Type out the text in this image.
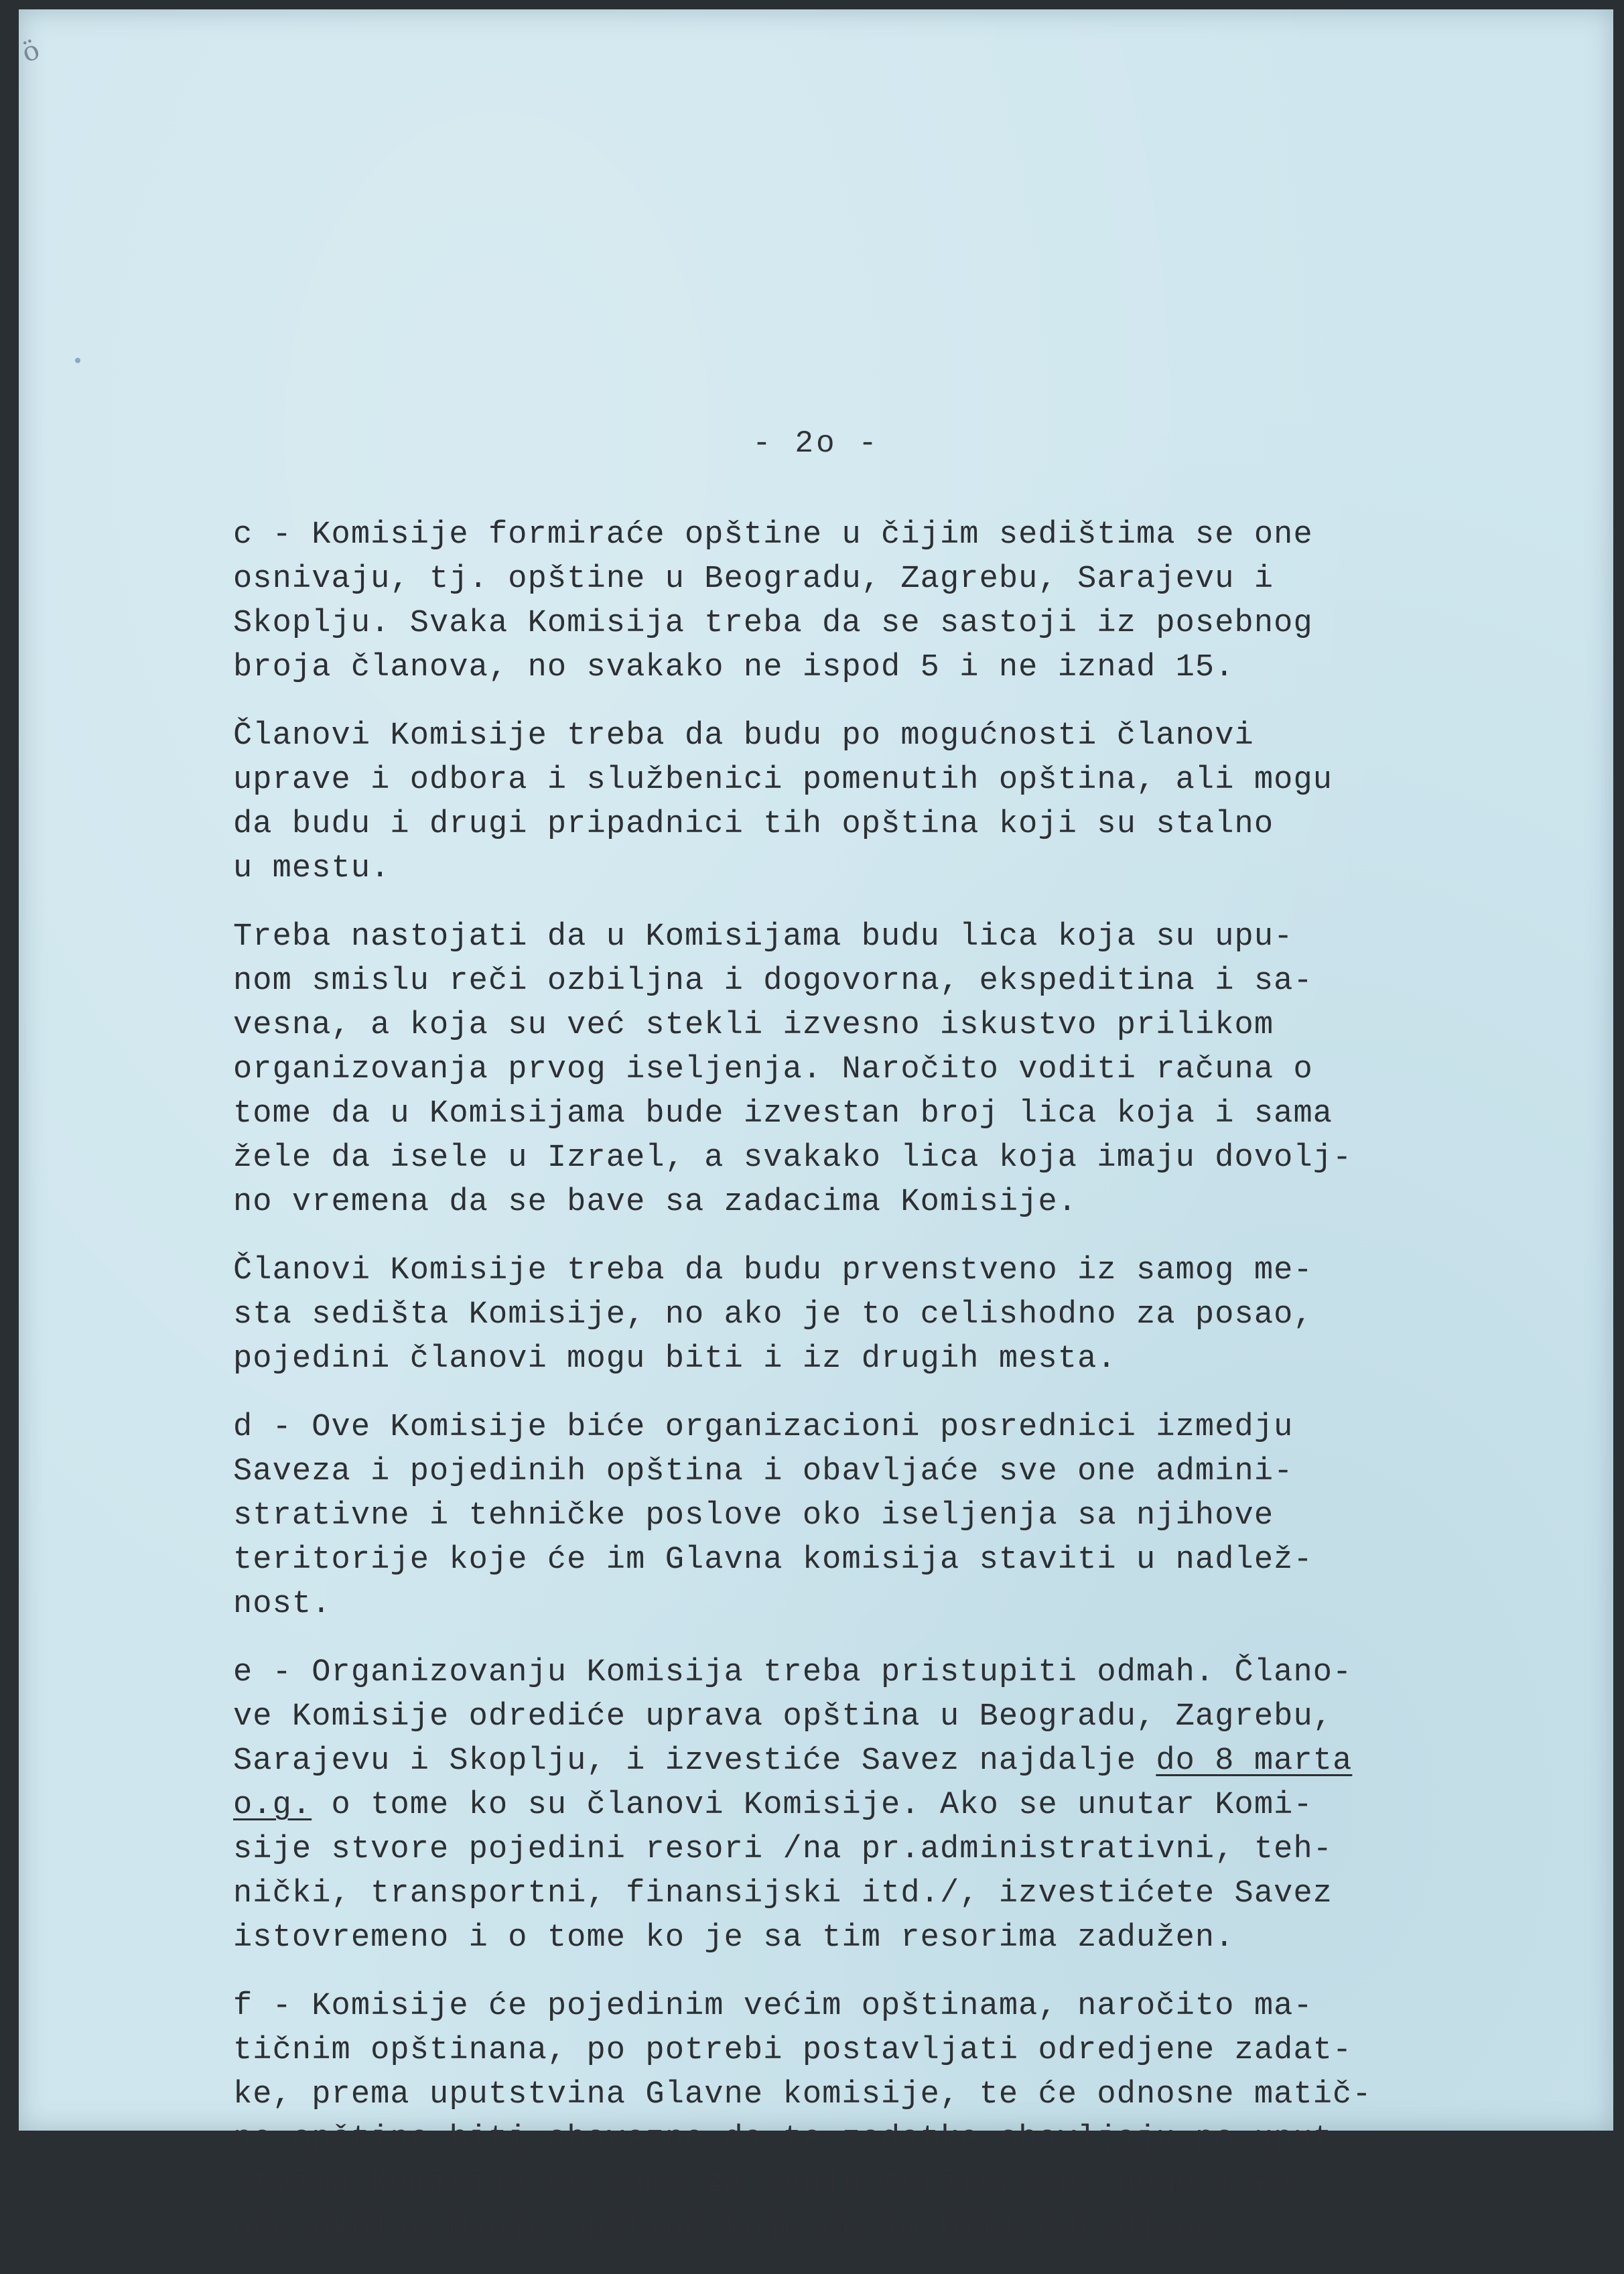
ö
- 2o -
c - Komisije formiraće opštine u čijim sedištima se one
osnivaju, tj. opštine u Beogradu, Zagrebu, Sarajevu i
Skoplju. Svaka Komisija treba da se sastoji iz posebnog
broja članova, no svakako ne ispod 5 i ne iznad 15.
Članovi Komisije treba da budu po mogućnosti članovi
uprave i odbora i službenici pomenutih opština, ali mogu
da budu i drugi pripadnici tih opština koji su stalno
u mestu.
Treba nastojati da u Komisijama budu lica koja su upu-
nom smislu reči ozbiljna i dogovorna, ekspeditina i sa-
vesna, a koja su već stekli izvesno iskustvo prilikom
organizovanja prvog iseljenja. Naročito voditi računa o
tome da u Komisijama bude izvestan broj lica koja i sama
žele da isele u Izrael, a svakako lica koja imaju dovolj-
no vremena da se bave sa zadacima Komisije.
Članovi Komisije treba da budu prvenstveno iz samog me-
sta sedišta Komisije, no ako je to celishodno za posao,
pojedini članovi mogu biti i iz drugih mesta.
d - Ove Komisije biće organizacioni posrednici izmedju
Saveza i pojedinih opština i obavljaće sve one admini-
strativne i tehničke poslove oko iseljenja sa njihove
teritorije koje će im Glavna komisija staviti u nadlež-
nost.
e - Organizovanju Komisija treba pristupiti odmah. Člano-
ve Komisije odrediće uprava opština u Beogradu, Zagrebu,
Sarajevu i Skoplju, i izvestiće Savez najdalje do 8 marta
o.g. o tome ko su članovi Komisije. Ako se unutar Komi-
sije stvore pojedini resori /na pr.administrativni, teh-
nički, transportni, finansijski itd./, izvestićete Savez
istovremeno i o tome ko je sa tim resorima zadužen.
f - Komisije će pojedinim većim opštinama, naročito ma-
tičnim opštinana, po potrebi postavljati odredjene zadat-
ke, prema uputstvina Glavne komisije, te će odnosne matič-
ne opštine biti obavezne da te zadatke obavljaju po uput-
stvima Komisije ne samo za svoju teritoriju, nego i za
one okolne manje opštine koje će im biti odredjene.
